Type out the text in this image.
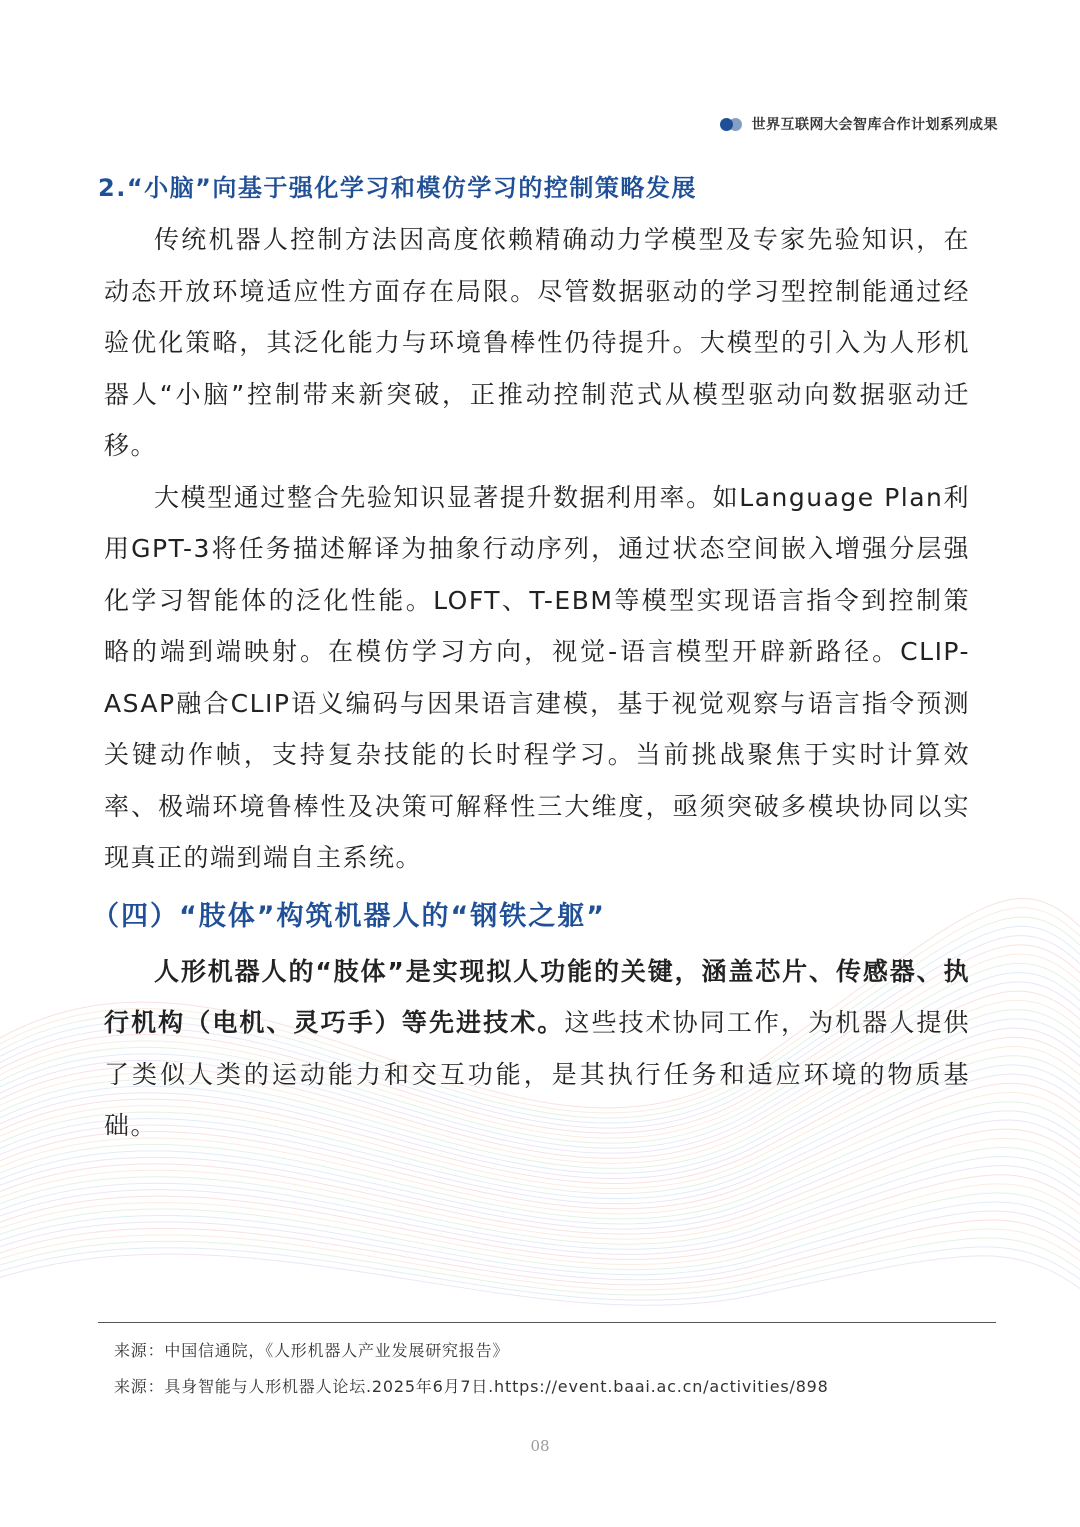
世界互联网大会智库合作计划系列成果
2.“小脑”向基于强化学习和模仿学习的控制策略发展

传统机器人控制方法因高度依赖精确动力学模型及专家先验知识，在动态开放环境适应性方面存在局限。尽管数据驱动的学习型控制能通过经验优化策略，其泛化能力与环境鲁棒性仍待提升。大模型的引入为人形机器人“小脑”控制带来新突破，正推动控制范式从模型驱动向数据驱动迁移。

大模型通过整合先验知识显著提升数据利用率。如Language Plan利用GPT-3将任务描述解译为抽象行动序列，通过状态空间嵌入增强分层强化学习智能体的泛化性能。LOFT、T-EBM等模型实现语言指令到控制策略的端到端映射。在模仿学习方向，视觉-语言模型开辟新路径。CLIP-ASAP融合CLIP语义编码与因果语言建模，基于视觉观察与语言指令预测关键动作帧，支持复杂技能的长时程学习。当前挑战聚焦于实时计算效率、极端环境鲁棒性及决策可解释性三大维度，亟须突破多模块协同以实现真正的端到端自主系统。

（四）“肢体”构筑机器人的“钢铁之躯”

人形机器人的“肢体”是实现拟人功能的关键，涵盖芯片、传感器、执行机构（电机、灵巧手）等先进技术。这些技术协同工作，为机器人提供了类似人类的运动能力和交互功能，是其执行任务和适应环境的物质基础。

来源：中国信通院，《人形机器人产业发展研究报告》

来源：具身智能与人形机器人论坛.2025年6月7日.https://event.baai.ac.cn/activities/898

08
